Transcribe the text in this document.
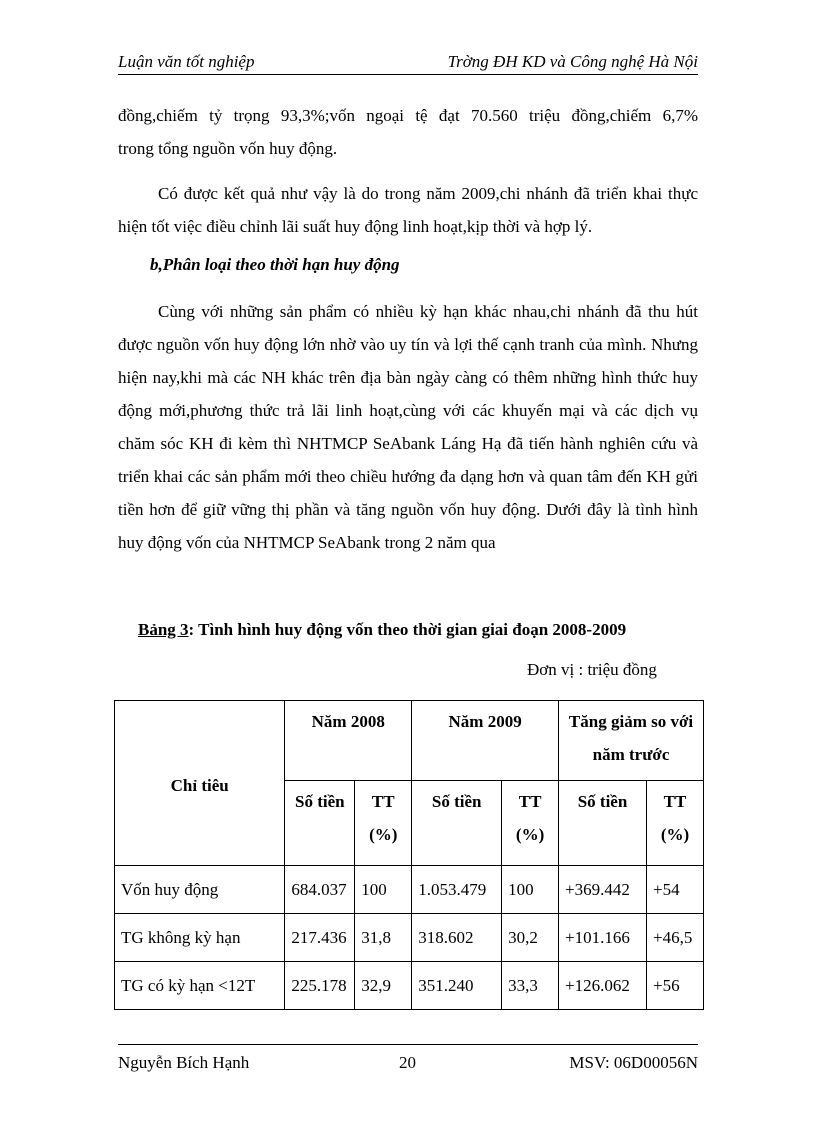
Luận văn tốt nghiệp	Trờng ĐH KD và Công nghệ Hà Nội
đồng,chiếm tỷ trọng 93,3%;vốn ngoại tệ đạt 70.560 triệu đồng,chiếm 6,7%
trong tổng nguồn vốn huy động.
Có được kết quả như vậy là do trong năm 2009,chi nhánh đã triển khai thực hiện tốt việc điều chỉnh lãi suất huy động linh hoạt,kịp thời và hợp lý.
b,Phân loại theo thời hạn huy động
Cùng với những sản phẩm có nhiều kỳ hạn khác nhau,chi nhánh đã thu hút được nguồn vốn huy động lớn nhờ vào uy tín và lợi thế cạnh tranh của mình. Nhưng hiện nay,khi mà các NH khác trên địa bàn ngày càng có thêm những hình thức huy động mới,phương thức trả lãi linh hoạt,cùng với các khuyến mại và các dịch vụ chăm sóc KH đi kèm thì NHTMCP SeAbank Láng Hạ đã tiến hành nghiên cứu và triển khai các sản phẩm mới theo chiều hướng đa dạng hơn và quan tâm đến KH gửi tiền hơn để giữ vững thị phần và tăng nguồn vốn huy động. Dưới đây là tình hình huy động vốn của NHTMCP SeAbank trong 2 năm qua
Bảng 3: Tình hình huy động vốn theo thời gian giai đoạn 2008-2009
Đơn vị : triệu đồng
Chỉ tiêu	Năm 2008		Năm 2009		Tăng giảm so với năm trước	
	Số tiền	TT (%)	Số tiền	TT (%)	Số tiền	TT (%)
Vốn huy động	684.037	100	1.053.479	100	+369.442	+54
TG không kỳ hạn	217.436	31,8	318.602	30,2	+101.166	+46,5
TG có kỳ hạn <12T	225.178	32,9	351.240	33,3	+126.062	+56
Nguyễn Bích Hạnh	20	MSV: 06D00056N
